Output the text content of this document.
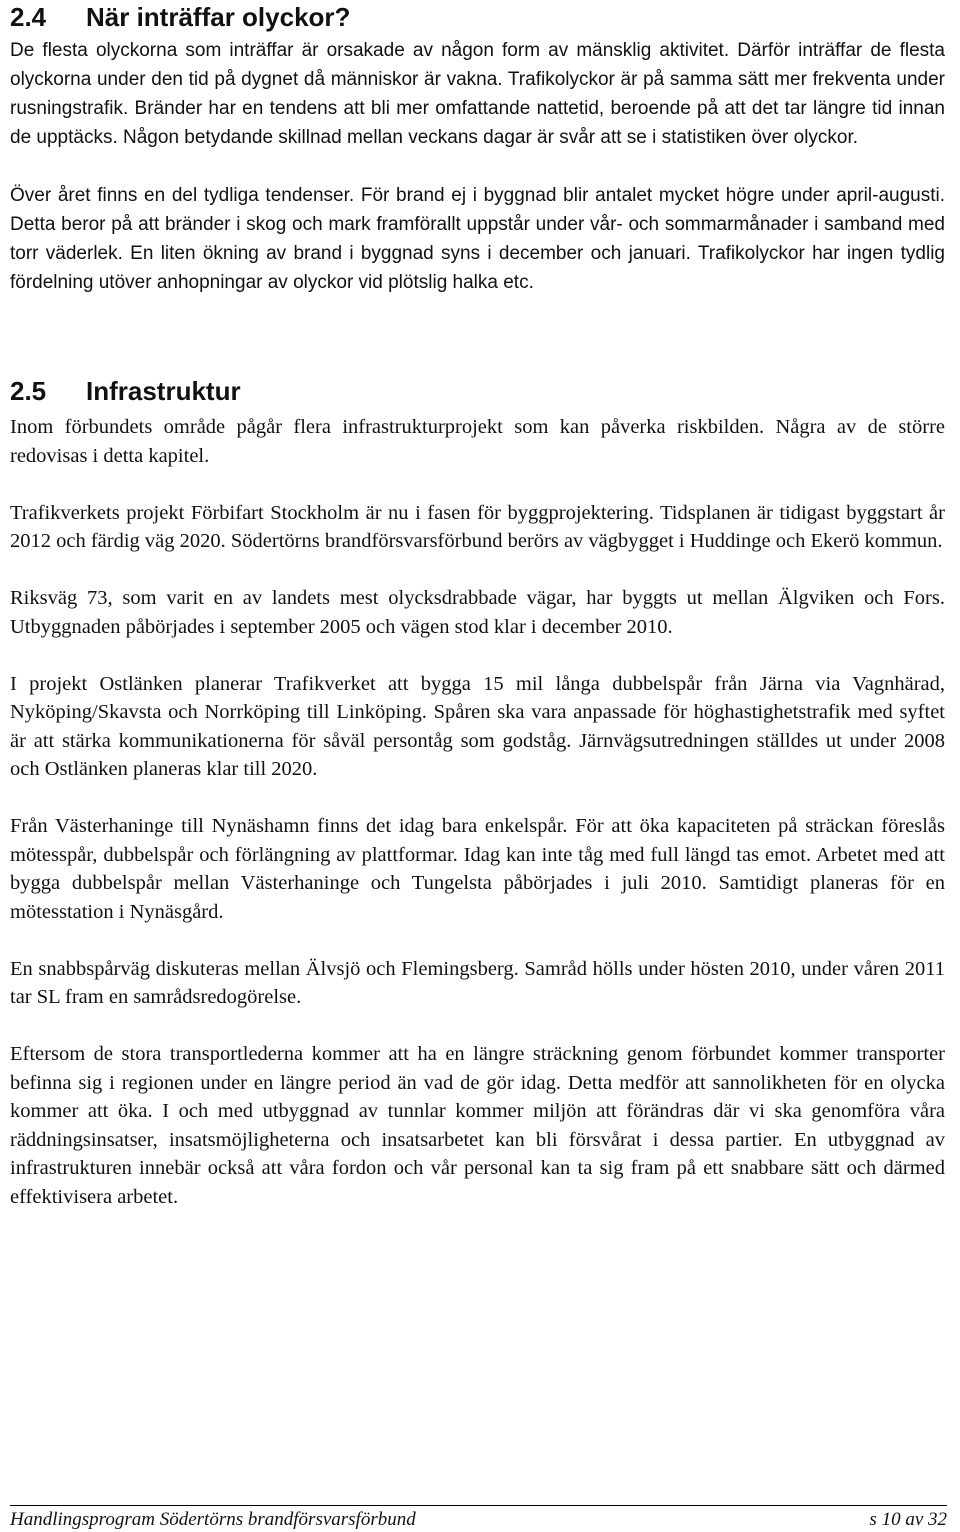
2.4 När inträffar olyckor?

De flesta olyckorna som inträffar är orsakade av någon form av mänsklig aktivitet. Därför inträffar de flesta olyckorna under den tid på dygnet då människor är vakna. Trafikolyckor är på samma sätt mer frekventa under rusningstrafik. Bränder har en tendens att bli mer omfattande nattetid, beroende på att det tar längre tid innan de upptäcks. Någon betydande skillnad mellan veckans dagar är svår att se i statistiken över olyckor.

Över året finns en del tydliga tendenser. För brand ej i byggnad blir antalet mycket högre under april-augusti. Detta beror på att bränder i skog och mark framförallt uppstår under vår- och sommarmånader i samband med torr väderlek. En liten ökning av brand i byggnad syns i december och januari. Trafikolyckor har ingen tydlig fördelning utöver anhopningar av olyckor vid plötslig halka etc.

2.5 Infrastruktur

Inom förbundets område pågår flera infrastrukturprojekt som kan påverka riskbilden. Några av de större redovisas i detta kapitel.

Trafikverkets projekt Förbifart Stockholm är nu i fasen för byggprojektering. Tidsplanen är tidigast byggstart år 2012 och färdig väg 2020. Södertörns brandförsvarsförbund berörs av vägbygget i Huddinge och Ekerö kommun.

Riksväg 73, som varit en av landets mest olycksdrabbade vägar, har byggts ut mellan Älgviken och Fors. Utbyggnaden påbörjades i september 2005 och vägen stod klar i december 2010.

I projekt Ostlänken planerar Trafikverket att bygga 15 mil långa dubbelspår från Järna via Vagnhärad, Nyköping/Skavsta och Norrköping till Linköping. Spåren ska vara anpassade för höghastighetstrafik med syftet är att stärka kommunikationerna för såväl persontåg som godståg. Järnvägsutredningen ställdes ut under 2008 och Ostlänken planeras klar till 2020.

Från Västerhaninge till Nynäshamn finns det idag bara enkelspår. För att öka kapaciteten på sträckan föreslås mötesspår, dubbelspår och förlängning av plattformar. Idag kan inte tåg med full längd tas emot. Arbetet med att bygga dubbelspår mellan Västerhaninge och Tungelsta påbörjades i juli 2010. Samtidigt planeras för en mötesstation i Nynäsgård.

En snabbspårväg diskuteras mellan Älvsjö och Flemingsberg. Samråd hölls under hösten 2010, under våren 2011 tar SL fram en samrådsredogörelse.

Eftersom de stora transportlederna kommer att ha en längre sträckning genom förbundet kommer transporter befinna sig i regionen under en längre period än vad de gör idag. Detta medför att sannolikheten för en olycka kommer att öka. I och med utbyggnad av tunnlar kommer miljön att förändras där vi ska genomföra våra räddningsinsatser, insatsmöjligheterna och insatsarbetet kan bli försvårat i dessa partier. En utbyggnad av infrastrukturen innebär också att våra fordon och vår personal kan ta sig fram på ett snabbare sätt och därmed effektivisera arbetet.

Handlingsprogram Södertörns brandförsvarsförbund	s 10 av 32
